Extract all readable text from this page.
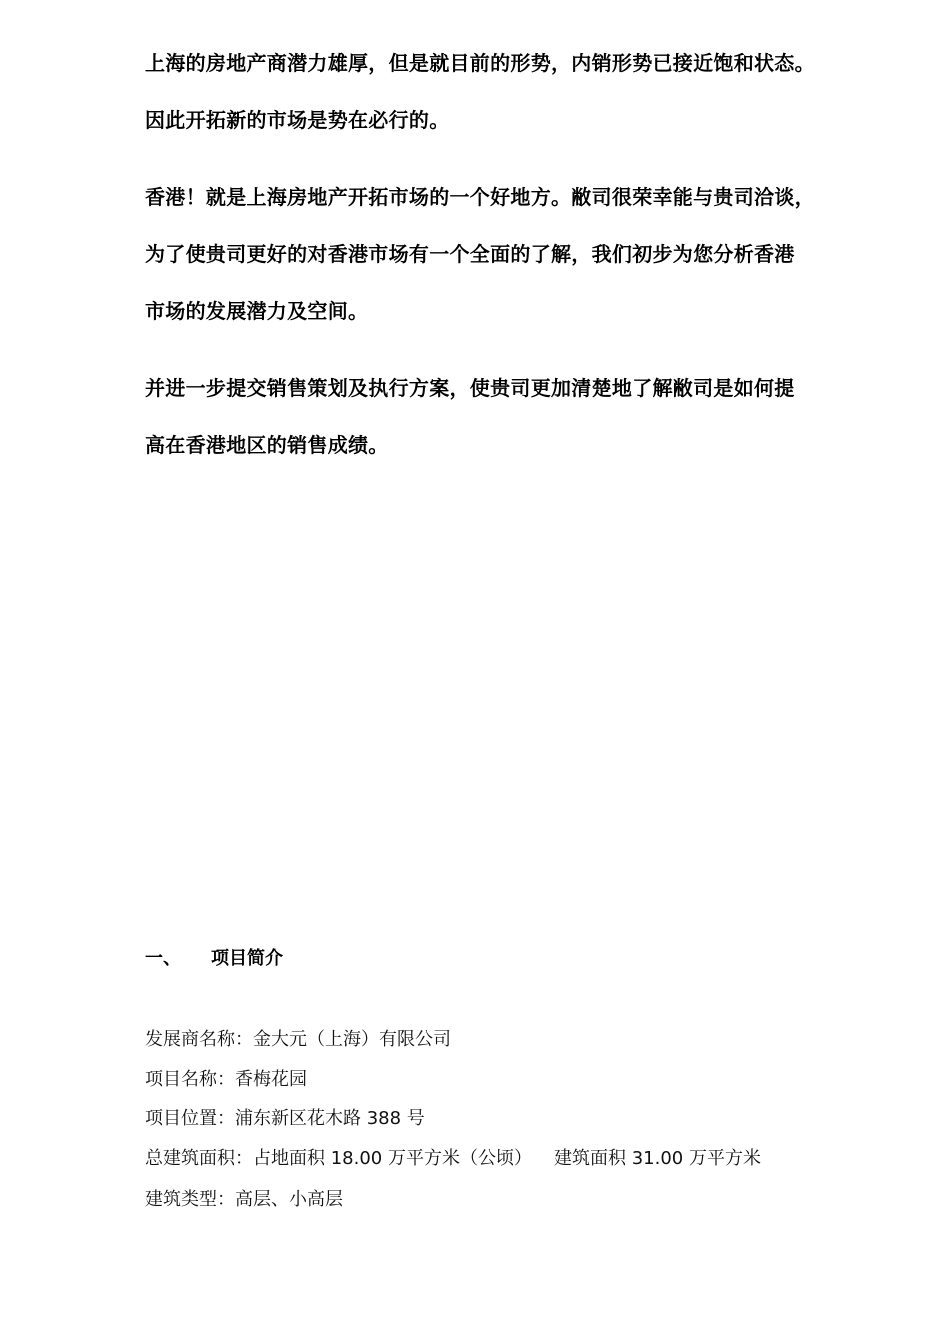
上海的房地产商潜力雄厚，但是就目前的形势，内销形势已接近饱和状态。
因此开拓新的市场是势在必行的。
香港！就是上海房地产开拓市场的一个好地方。敝司很荣幸能与贵司洽谈，
为了使贵司更好的对香港市场有一个全面的了解，我们初步为您分析香港
市场的发展潜力及空间。
并进一步提交销售策划及执行方案，使贵司更加清楚地了解敝司是如何提
高在香港地区的销售成绩。
一、 项目简介
发展商名称：金大元（上海）有限公司
项目名称：香梅花园
项目位置：浦东新区花木路 388 号
总建筑面积：占地面积 18.00 万平方米（公顷） 建筑面积 31.00 万平方米
建筑类型：高层、小高层
